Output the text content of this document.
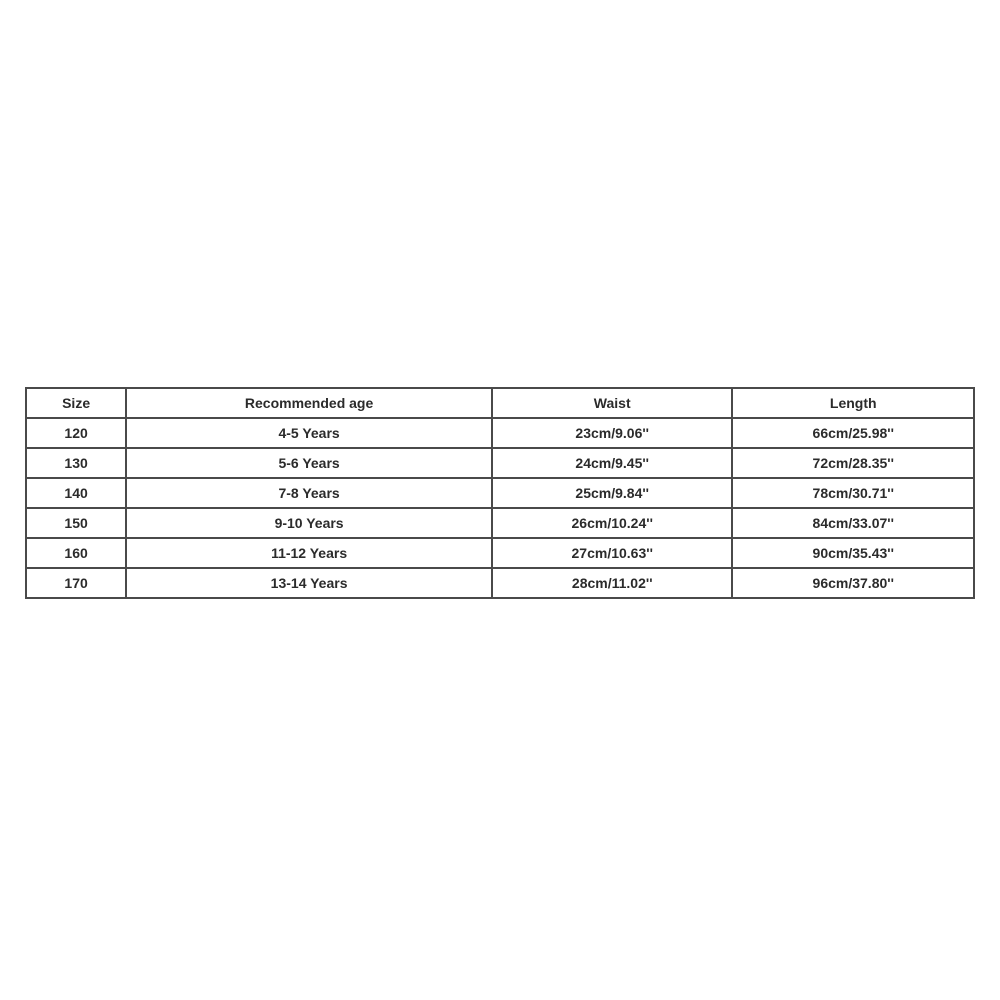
Size	Recommended age	Waist	Length
120	4-5 Years	23cm/9.06''	66cm/25.98''
130	5-6 Years	24cm/9.45''	72cm/28.35''
140	7-8 Years	25cm/9.84''	78cm/30.71''
150	9-10 Years	26cm/10.24''	84cm/33.07''
160	11-12 Years	27cm/10.63''	90cm/35.43''
170	13-14 Years	28cm/11.02''	96cm/37.80''
